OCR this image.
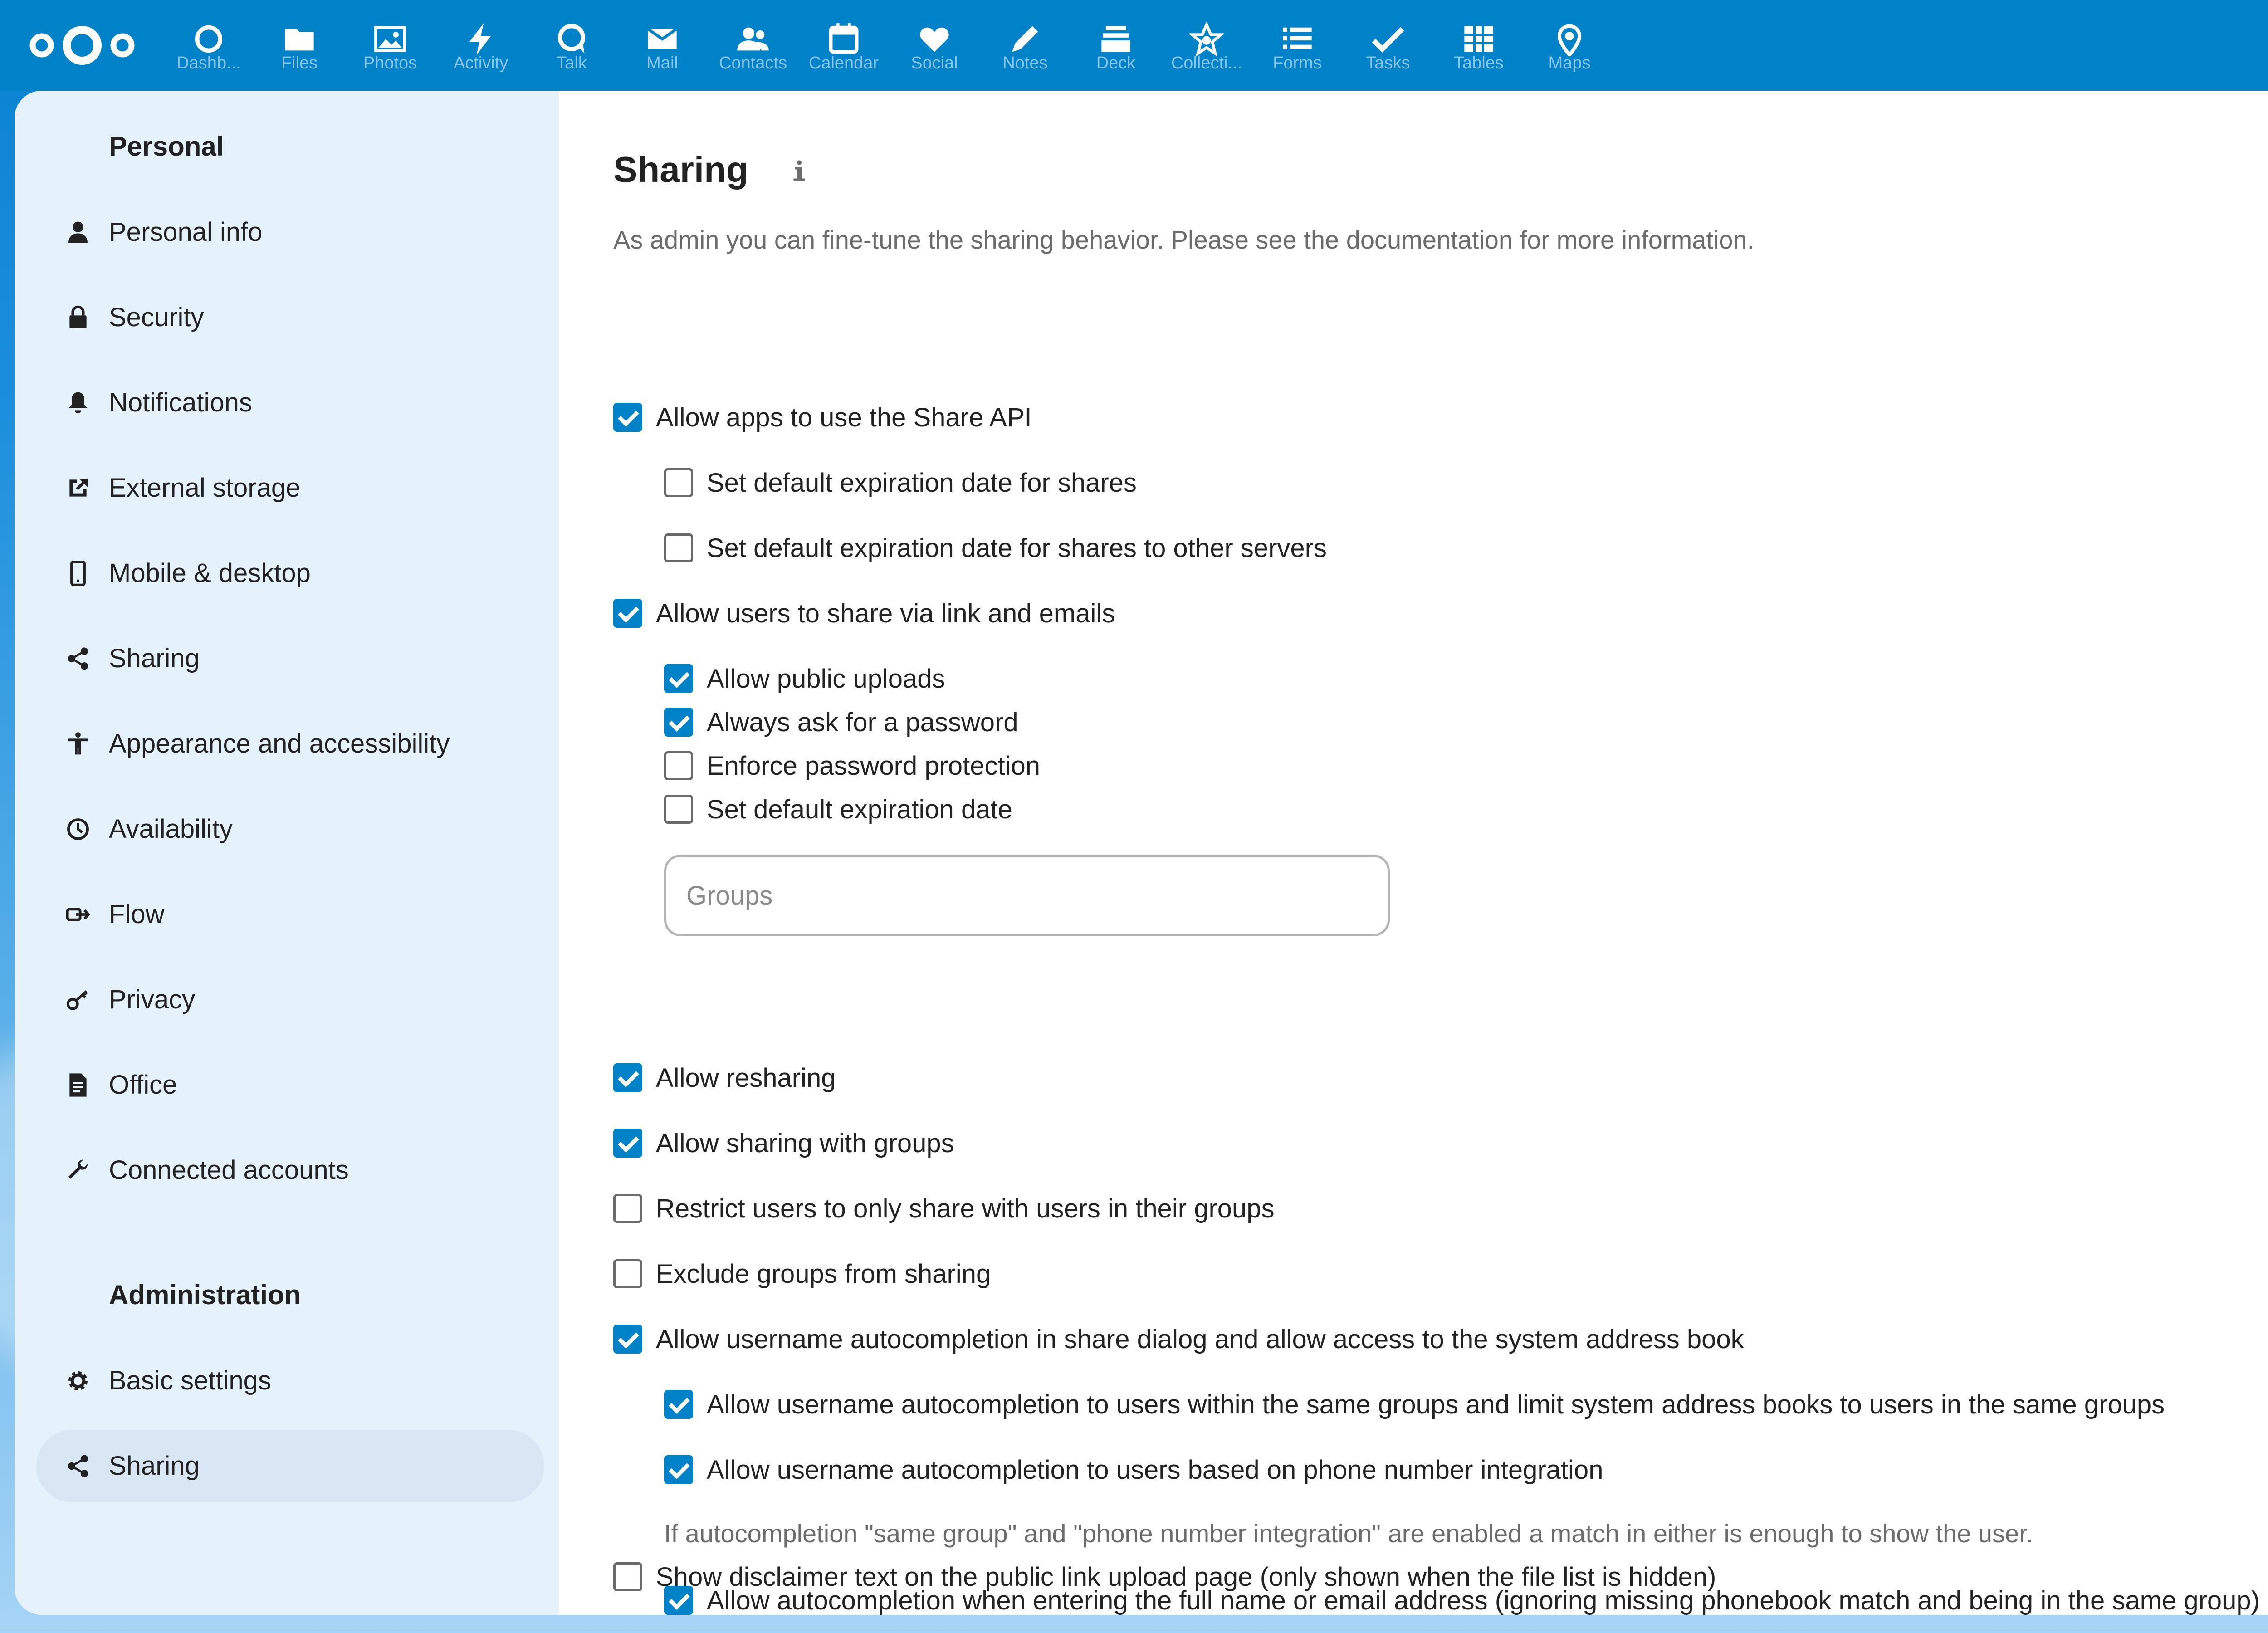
Dashb...	Files	Photos	Activity	Talk	Mail	Contacts	Calendar	Social	Notes	Deck	Collecti...	Forms	Tasks	Tables	Maps
Personal
Personal info
Security
Notifications
External storage
Mobile & desktop
Sharing
Appearance and accessibility
Availability
Flow
Privacy
Office
Connected accounts
Administration
Basic settings
Sharing
Sharing
As admin you can fine-tune the sharing behavior. Please see the documentation for more information.
Allow apps to use the Share API
Set default expiration date for shares
Set default expiration date for shares to other servers
Allow users to share via link and emails
Allow public uploads
Always ask for a password
Enforce password protection
Set default expiration date
Groups
Allow resharing
Allow sharing with groups
Restrict users to only share with users in their groups
Exclude groups from sharing
Allow username autocompletion in share dialog and allow access to the system address book
Allow username autocompletion to users within the same groups and limit system address books to users in the same groups
Allow username autocompletion to users based on phone number integration
If autocompletion "same group" and "phone number integration" are enabled a match in either is enough to show the user.
Allow autocompletion when entering the full name or email address (ignoring missing phonebook match and being in the same group)
Show disclaimer text on the public link upload page (only shown when the file list is hidden)
